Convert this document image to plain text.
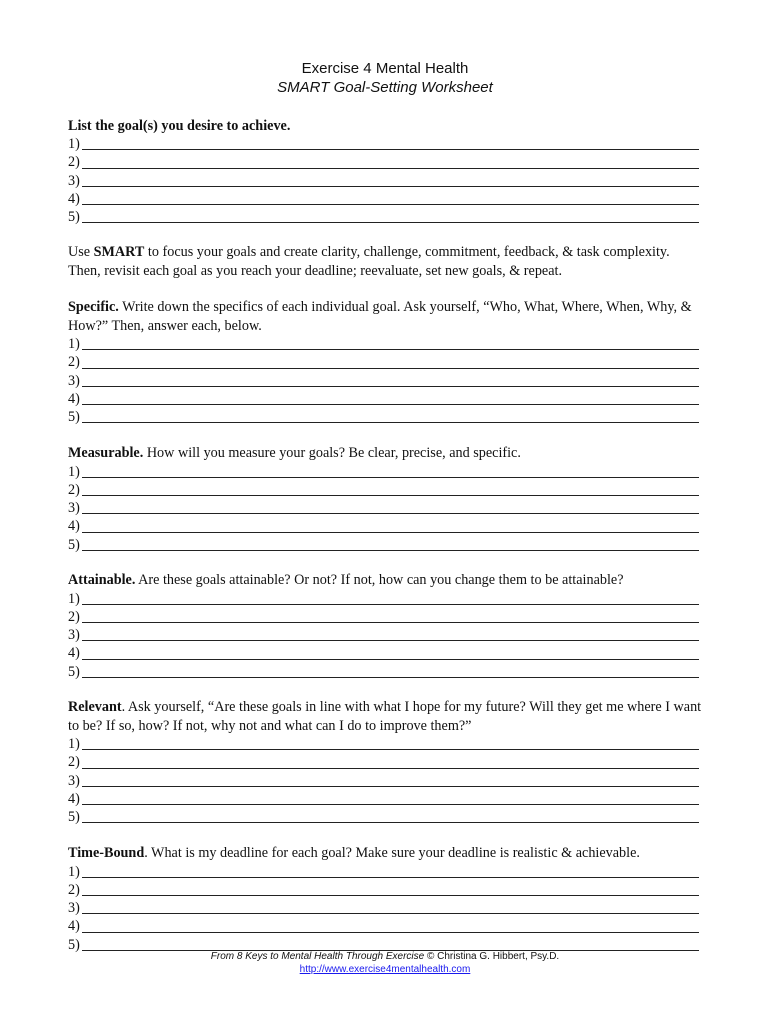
Exercise 4 Mental Health
SMART Goal-Setting Worksheet

List the goal(s) you desire to achieve.

1)
2)
3)
4)
5)

Use SMART to focus your goals and create clarity, challenge, commitment, feedback, & task complexity. Then, revisit each goal as you reach your deadline; reevaluate, set new goals, & repeat.

Specific. Write down the specifics of each individual goal. Ask yourself, “Who, What, Where, When, Why, & How?” Then, answer each, below.

1)
2)
3)
4)
5)

Measurable. How will you measure your goals? Be clear, precise, and specific.

1)
2)
3)
4)
5)

Attainable. Are these goals attainable? Or not? If not, how can you change them to be attainable?

1)
2)
3)
4)
5)

Relevant. Ask yourself, “Are these goals in line with what I hope for my future? Will they get me where I want to be? If so, how? If not, why not and what can I do to improve them?”

1)
2)
3)
4)
5)

Time-Bound. What is my deadline for each goal? Make sure your deadline is realistic & achievable.

1)
2)
3)
4)
5)
From 8 Keys to Mental Health Through Exercise © Christina G. Hibbert, Psy.D.
http://www.exercise4mentalhealth.com
